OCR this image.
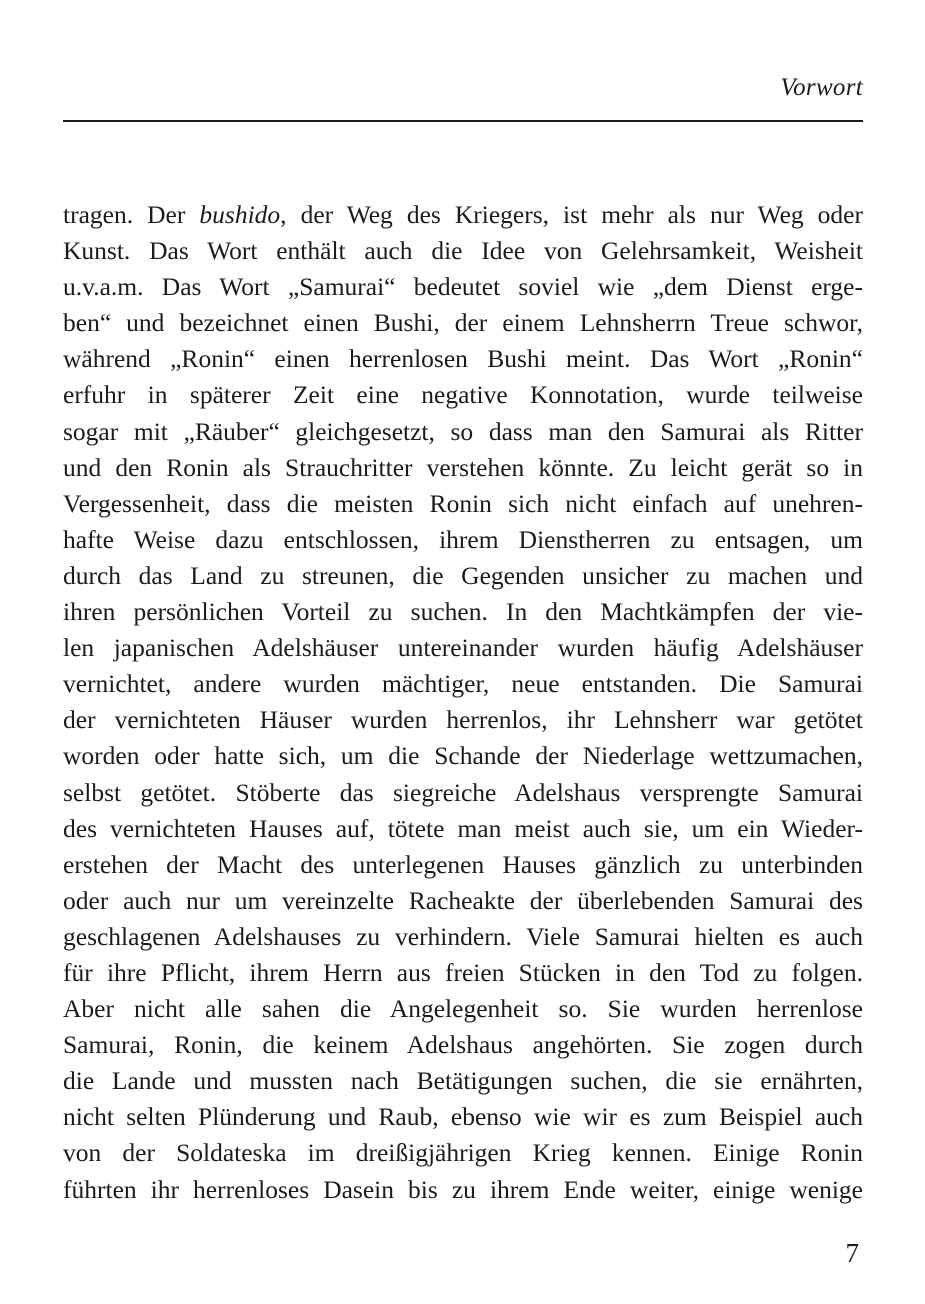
Vorwort
tragen. Der bushido, der Weg des Kriegers, ist mehr als nur Weg oder
Kunst. Das Wort enthält auch die Idee von Gelehrsamkeit, Weisheit
u.v.a.m. Das Wort „Samurai“ bedeutet soviel wie „dem Dienst erge-
ben“ und bezeichnet einen Bushi, der einem Lehnsherrn Treue schwor,
während „Ronin“ einen herrenlosen Bushi meint. Das Wort „Ronin“
erfuhr in späterer Zeit eine negative Konnotation, wurde teilweise
sogar mit „Räuber“ gleichgesetzt, so dass man den Samurai als Ritter
und den Ronin als Strauchritter verstehen könnte. Zu leicht gerät so in
Vergessenheit, dass die meisten Ronin sich nicht einfach auf unehren-
hafte Weise dazu entschlossen, ihrem Dienstherren zu entsagen, um
durch das Land zu streunen, die Gegenden unsicher zu machen und
ihren persönlichen Vorteil zu suchen. In den Machtkämpfen der vie-
len japanischen Adelshäuser untereinander wurden häufig Adelshäuser
vernichtet, andere wurden mächtiger, neue entstanden. Die Samurai
der vernichteten Häuser wurden herrenlos, ihr Lehnsherr war getötet
worden oder hatte sich, um die Schande der Niederlage wettzumachen,
selbst getötet. Stöberte das siegreiche Adelshaus versprengte Samurai
des vernichteten Hauses auf, tötete man meist auch sie, um ein Wieder-
erstehen der Macht des unterlegenen Hauses gänzlich zu unterbinden
oder auch nur um vereinzelte Racheakte der überlebenden Samurai des
geschlagenen Adelshauses zu verhindern. Viele Samurai hielten es auch
für ihre Pflicht, ihrem Herrn aus freien Stücken in den Tod zu folgen.
Aber nicht alle sahen die Angelegenheit so. Sie wurden herrenlose
Samurai, Ronin, die keinem Adelshaus angehörten. Sie zogen durch
die Lande und mussten nach Betätigungen suchen, die sie ernährten,
nicht selten Plünderung und Raub, ebenso wie wir es zum Beispiel auch
von der Soldateska im dreißigjährigen Krieg kennen. Einige Ronin
führten ihr herrenloses Dasein bis zu ihrem Ende weiter, einige wenige
7
